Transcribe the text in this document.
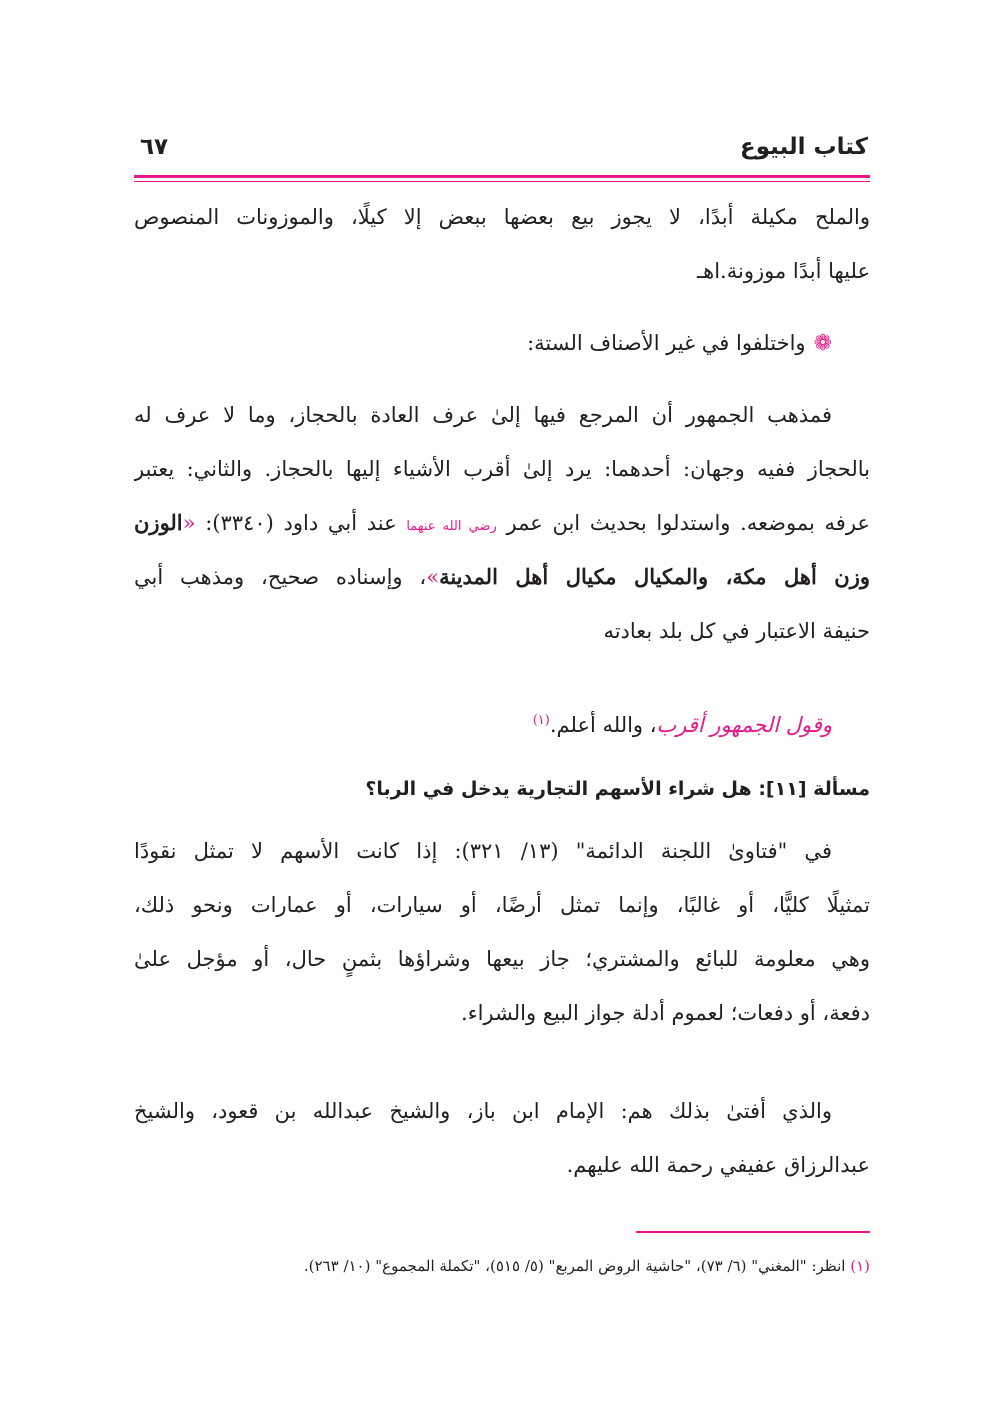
كتاب البيوع
٦٧
والملح مكيلة أبدًا، لا يجوز بيع بعضها ببعض إلا كيلًا، والموزونات المنصوص
عليها أبدًا موزونة.اهـ
❁واختلفوا في غير الأصناف الستة:
فمذهب الجمهور أن المرجع فيها إلىٰ عرف العادة بالحجاز، وما لا عرف له
بالحجاز ففيه وجهان: أحدهما: يرد إلىٰ أقرب الأشياء إليها بالحجاز. والثاني: يعتبر
عرفه بموضعه. واستدلوا بحديث ابن عمر رضي الله عنهما عند أبي داود (٣٣٤٠): «الوزن
وزن أهل مكة، والمكيال مكيال أهل المدينة»، وإسناده صحيح، ومذهب أبي
حنيفة الاعتبار في كل بلد بعادته
وقول الجمهور أقرب، والله أعلم.$^{(١)}$
مسألة [١١]: هل شراء الأسهم التجارية يدخل في الربا؟
في "فتاوىٰ اللجنة الدائمة" (١٣/ ٣٢١): إذا كانت الأسهم لا تمثل نقودًا
تمثيلًا كليًّا، أو غالبًا، وإنما تمثل أرضًا، أو سيارات، أو عمارات ونحو ذلك،
وهي معلومة للبائع والمشتري؛ جاز بيعها وشراؤها بثمنٍ حال، أو مؤجل علىٰ
دفعة، أو دفعات؛ لعموم أدلة جواز البيع والشراء.
والذي أفتىٰ بذلك هم: الإمام ابن باز، والشيخ عبدالله بن قعود، والشيخ
عبدالرزاق عفيفي رحمة الله عليهم.
(١) انظر: "المغني" (٦/ ٧٣)، "حاشية الروض المربع" (٥/ ٥١٥)، "تكملة المجموع" (١٠/ ٢٦٣).
